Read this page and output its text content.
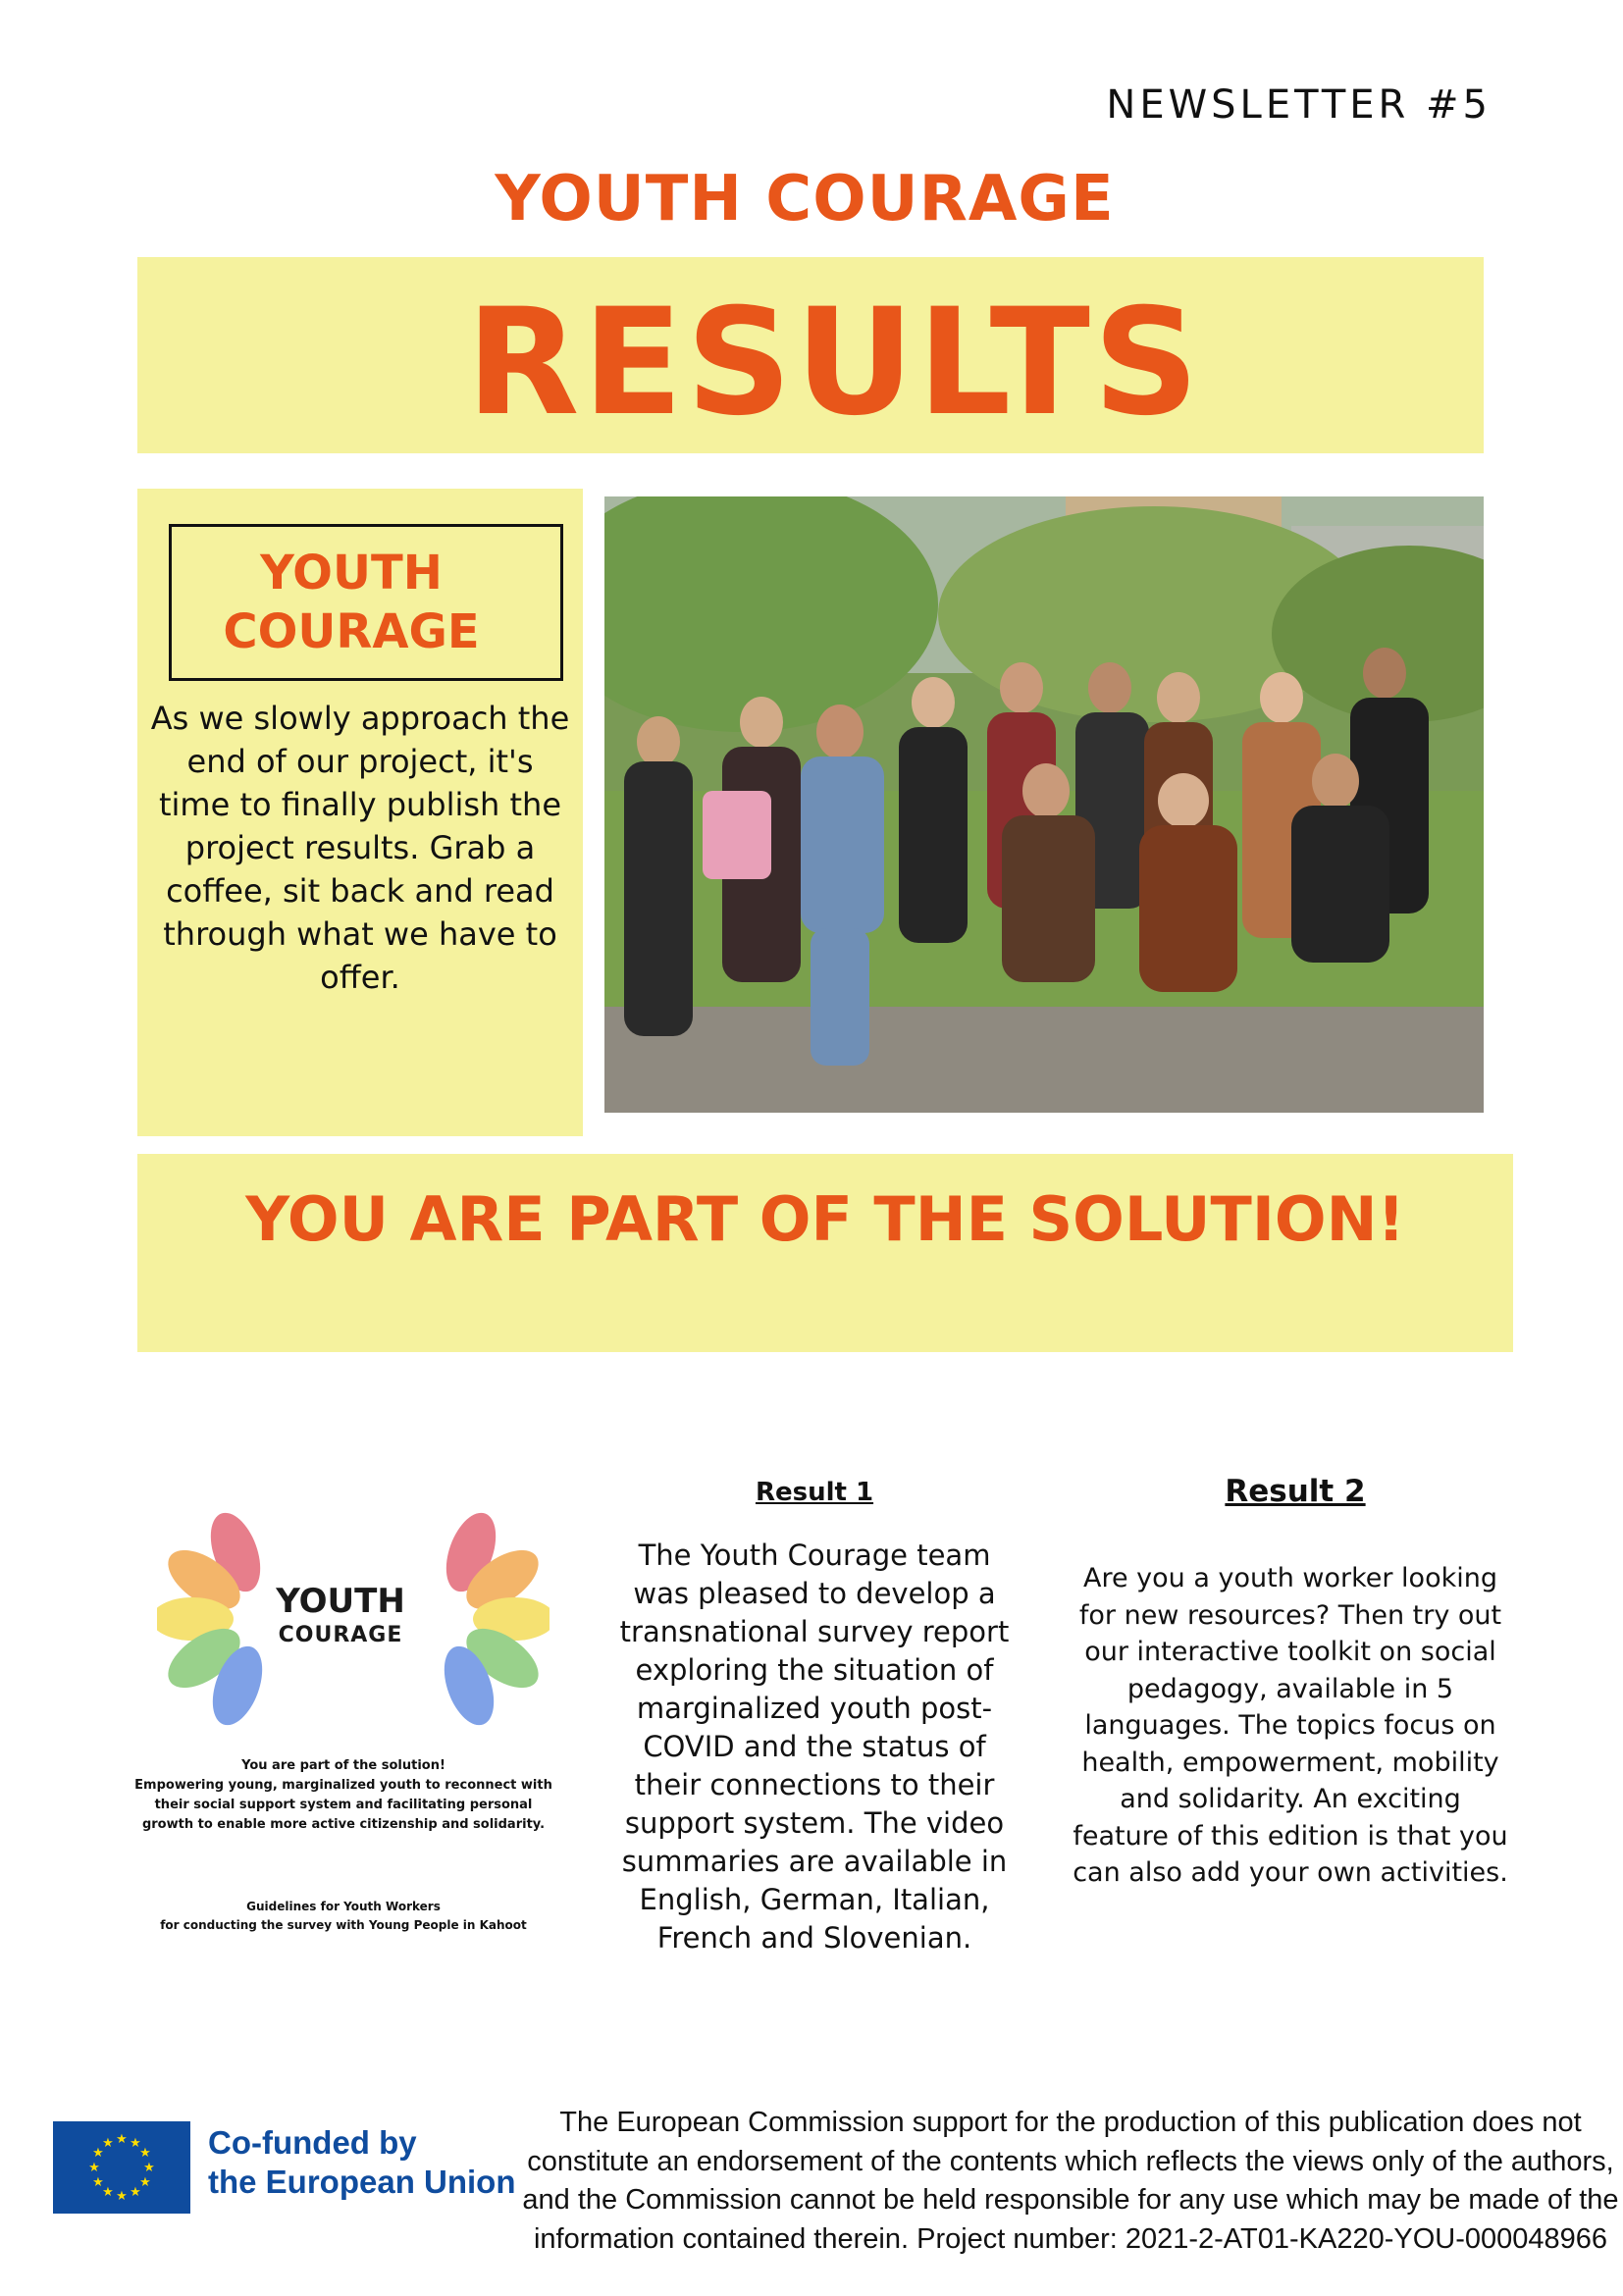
NEWSLETTER #5
YOUTH COURAGE
RESULTS
YOUTH
COURAGE
As we slowly approach the end of our project, it's time to finally publish the project results. Grab a coffee, sit back and read through what we have to offer.
YOU ARE PART OF THE SOLUTION!
YOUTH
COURAGE
You are part of the solution!
Empowering young, marginalized youth to reconnect with their social support system and facilitating personal growth to enable more active citizenship and solidarity.
Guidelines for Youth Workers
for conducting the survey with Young People in Kahoot
Result 1
The Youth Courage team was pleased to develop a transnational survey report exploring the situation of marginalized youth post-COVID and the status of their connections to their support system. The video summaries are available in English, German, Italian, French and Slovenian.
Result 2
Are you a youth worker looking for new resources? Then try out our interactive toolkit on social pedagogy, available in 5 languages. The topics focus on health, empowerment, mobility and solidarity. An exciting feature of this edition is that you can also add your own activities.
★ ★
★
★
★
★
★
★
★
★
★
★	Co-funded by
the European Union
The European Commission support for the production of this publication does not constitute an endorsement of the contents which reflects the views only of the authors, and the Commission cannot be held responsible for any use which may be made of the information contained therein. Project number: 2021-2-AT01-KA220-YOU-000048966
